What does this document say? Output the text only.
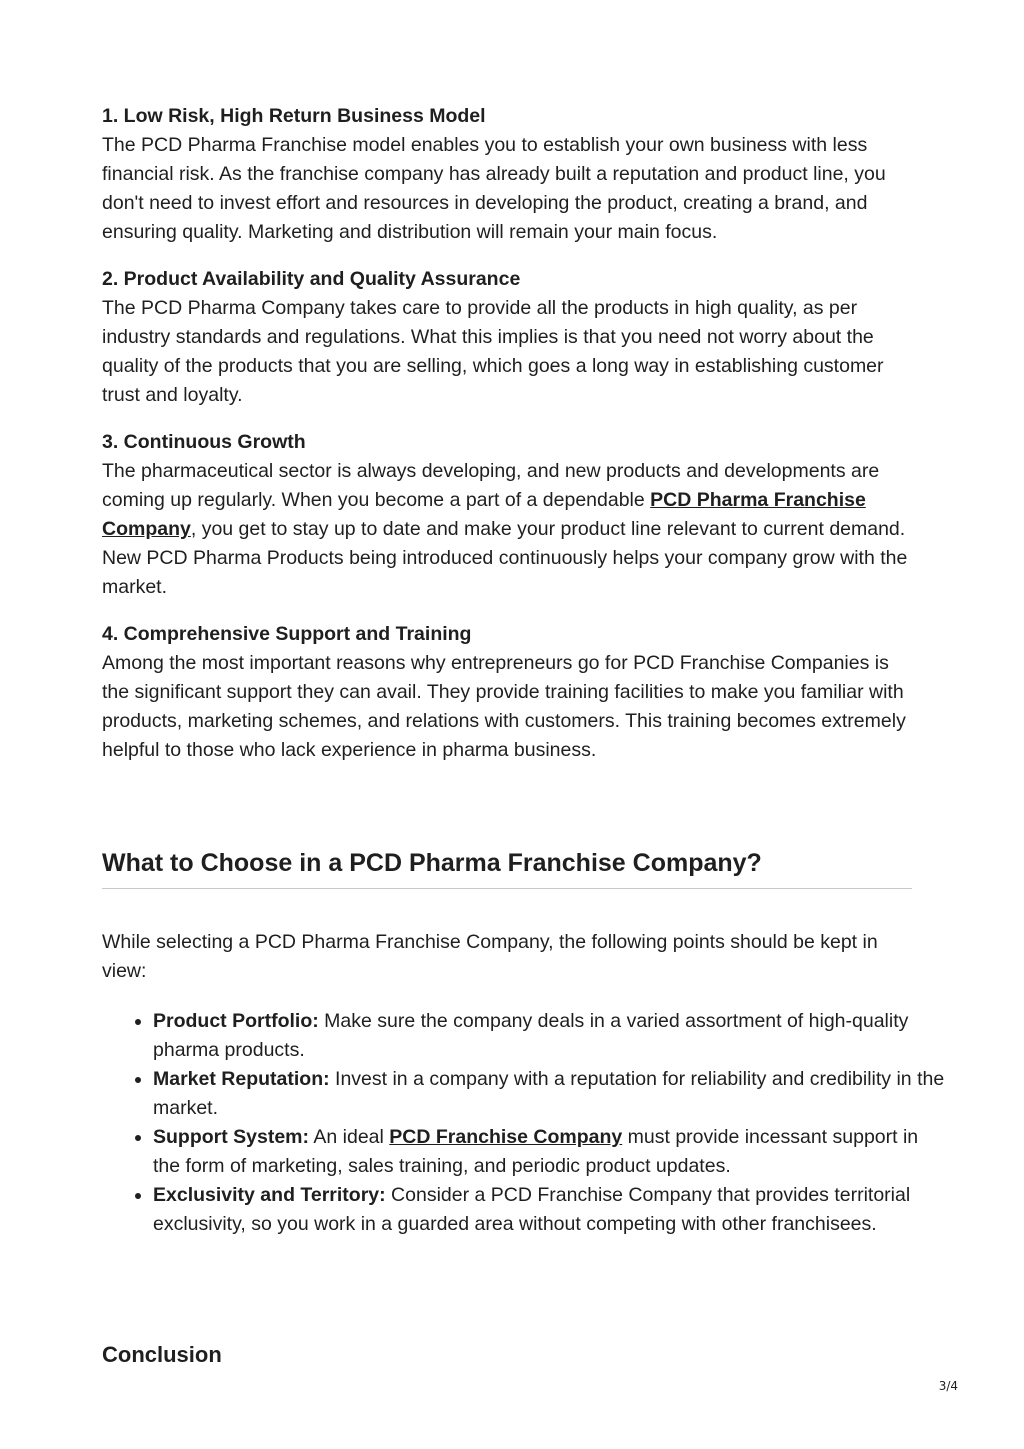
1. Low Risk, High Return Business Model

The PCD Pharma Franchise model enables you to establish your own business with less financial risk. As the franchise company has already built a reputation and product line, you don't need to invest effort and resources in developing the product, creating a brand, and ensuring quality. Marketing and distribution will remain your main focus.

2. Product Availability and Quality Assurance

The PCD Pharma Company takes care to provide all the products in high quality, as per industry standards and regulations. What this implies is that you need not worry about the quality of the products that you are selling, which goes a long way in establishing customer trust and loyalty.

3. Continuous Growth

The pharmaceutical sector is always developing, and new products and developments are coming up regularly. When you become a part of a dependable PCD Pharma Franchise Company, you get to stay up to date and make your product line relevant to current demand. New PCD Pharma Products being introduced continuously helps your company grow with the market.

4. Comprehensive Support and Training

Among the most important reasons why entrepreneurs go for PCD Franchise Companies is the significant support they can avail. They provide training facilities to make you familiar with products, marketing schemes, and relations with customers. This training becomes extremely helpful to those who lack experience in pharma business.

What to Choose in a PCD Pharma Franchise Company?

While selecting a PCD Pharma Franchise Company, the following points should be kept in view:

Product Portfolio: Make sure the company deals in a varied assortment of high-quality pharma products.
Market Reputation: Invest in a company with a reputation for reliability and credibility in the market.
Support System: An ideal PCD Franchise Company must provide incessant support in the form of marketing, sales training, and periodic product updates.
Exclusivity and Territory: Consider a PCD Franchise Company that provides territorial exclusivity, so you work in a guarded area without competing with other franchisees.
Conclusion
3/4
